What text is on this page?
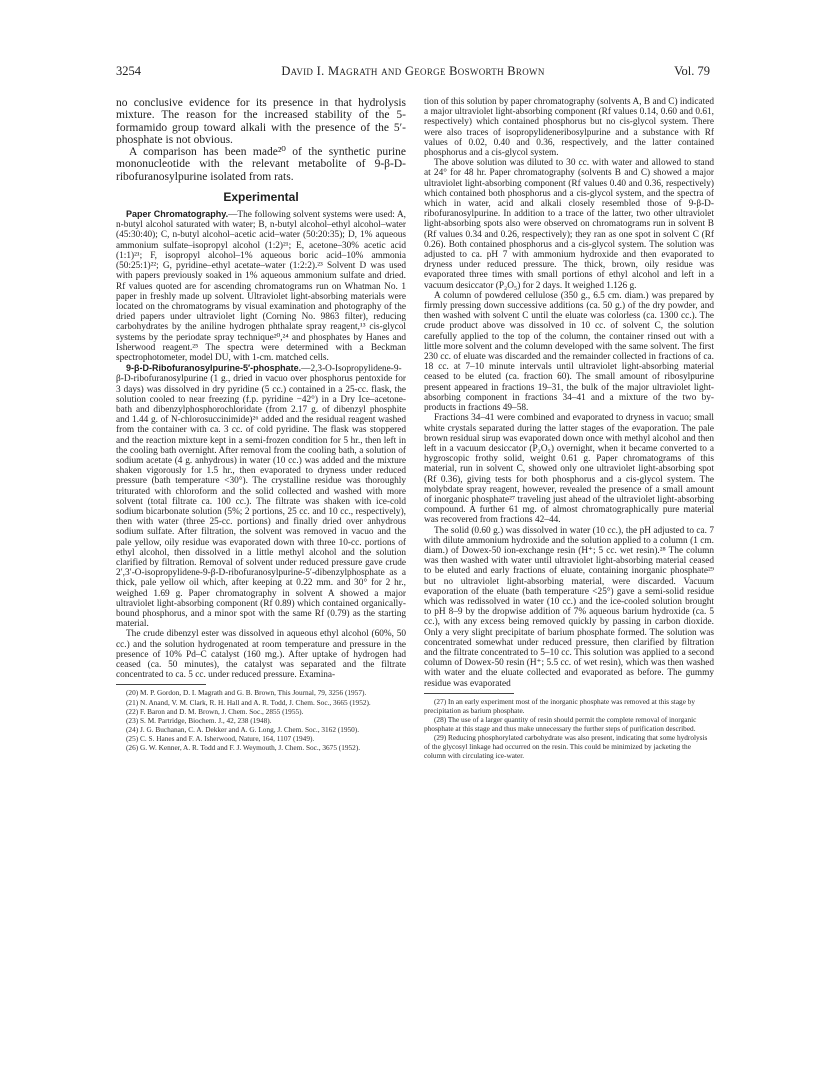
3254	David I. Magrath and George Bosworth Brown	Vol. 79

no conclusive evidence for its presence in that hydrolysis mixture. The reason for the increased stability of the 5-formamido group toward alkali with the presence of the 5′-phosphate is not obvious.

A comparison has been made²⁰ of the synthetic purine mononucleotide with the relevant metabolite of 9-β-D-ribofuranosylpurine isolated from rats.

Experimental

Paper Chromatography.—The following solvent systems were used: A, n-butyl alcohol saturated with water; B, n-butyl alcohol–ethyl alcohol–water (45:30:40); C, n-butyl alcohol–acetic acid–water (50:20:35); D, 1% aqueous ammonium sulfate–isopropyl alcohol (1:2)²¹; E, acetone–30% acetic acid (1:1)²¹; F, isopropyl alcohol–1% aqueous boric acid–10% ammonia (50:25:1)²²; G, pyridine–ethyl acetate–water (1:2:2).²³ Solvent D was used with papers previously soaked in 1% aqueous ammonium sulfate and dried. Rf values quoted are for ascending chromatograms run on Whatman No. 1 paper in freshly made up solvent. Ultraviolet light-absorbing materials were located on the chromatograms by visual examination and photography of the dried papers under ultraviolet light (Corning No. 9863 filter), reducing carbohydrates by the aniline hydrogen phthalate spray reagent,¹³ cis-glycol systems by the periodate spray technique²⁰,²⁴ and phosphates by Hanes and Isherwood reagent.²⁵ The spectra were determined with a Beckman spectrophotometer, model DU, with 1-cm. matched cells.

9-β-D-Ribofuranosylpurine-5′-phosphate.—2,3-O-Isopropylidene-9-β-D-ribofuranosylpurine (1 g., dried in vacuo over phosphorus pentoxide for 3 days) was dissolved in dry pyridine (5 cc.) contained in a 25-cc. flask, the solution cooled to near freezing (f.p. pyridine −42°) in a Dry Ice–acetone-bath and dibenzylphosphorochloridate (from 2.17 g. of dibenzyl phosphite and 1.44 g. of N-chlorosuccinimide)²⁶ added and the residual reagent washed from the container with ca. 3 cc. of cold pyridine. The flask was stoppered and the reaction mixture kept in a semi-frozen condition for 5 hr., then left in the cooling bath overnight. After removal from the cooling bath, a solution of sodium acetate (4 g. anhydrous) in water (10 cc.) was added and the mixture shaken vigorously for 1.5 hr., then evaporated to dryness under reduced pressure (bath temperature <30°). The crystalline residue was thoroughly triturated with chloroform and the solid collected and washed with more solvent (total filtrate ca. 100 cc.). The filtrate was shaken with ice-cold sodium bicarbonate solution (5%; 2 portions, 25 cc. and 10 cc., respectively), then with water (three 25-cc. portions) and finally dried over anhydrous sodium sulfate. After filtration, the solvent was removed in vacuo and the pale yellow, oily residue was evaporated down with three 10-cc. portions of ethyl alcohol, then dissolved in a little methyl alcohol and the solution clarified by filtration. Removal of solvent under reduced pressure gave crude 2′,3′-O-isopropylidene-9-β-D-ribofuranosylpurine-5′-dibenzylphosphate as a thick, pale yellow oil which, after keeping at 0.22 mm. and 30° for 2 hr., weighed 1.69 g. Paper chromatography in solvent A showed a major ultraviolet light-absorbing component (Rf 0.89) which contained organically-bound phosphorus, and a minor spot with the same Rf (0.79) as the starting material.

The crude dibenzyl ester was dissolved in aqueous ethyl alcohol (60%, 50 cc.) and the solution hydrogenated at room temperature and pressure in the presence of 10% Pd–C catalyst (160 mg.). After uptake of hydrogen had ceased (ca. 50 minutes), the catalyst was separated and the filtrate concentrated to ca. 5 cc. under reduced pressure. Examina-

(20) M. P. Gordon, D. I. Magrath and G. B. Brown, This Journal, 79, 3256 (1957).

(21) N. Anand, V. M. Clark, R. H. Hall and A. R. Todd, J. Chem. Soc., 3665 (1952).

(22) F. Baron and D. M. Brown, J. Chem. Soc., 2855 (1955).

(23) S. M. Partridge, Biochem. J., 42, 238 (1948).

(24) J. G. Buchanan, C. A. Dekker and A. G. Long, J. Chem. Soc., 3162 (1950).

(25) C. S. Hanes and F. A. Isherwood, Nature, 164, 1107 (1949).

(26) G. W. Kenner, A. R. Todd and F. J. Weymouth, J. Chem. Soc., 3675 (1952).

tion of this solution by paper chromatography (solvents A, B and C) indicated a major ultraviolet light-absorbing component (Rf values 0.14, 0.60 and 0.61, respectively) which contained phosphorus but no cis-glycol system. There were also traces of isopropylideneribosylpurine and a substance with Rf values of 0.02, 0.40 and 0.36, respectively, and the latter contained phosphorus and a cis-glycol system.

The above solution was diluted to 30 cc. with water and allowed to stand at 24° for 48 hr. Paper chromatography (solvents B and C) showed a major ultraviolet light-absorbing component (Rf values 0.40 and 0.36, respectively) which contained both phosphorus and a cis-glycol system, and the spectra of which in water, acid and alkali closely resembled those of 9-β-D-ribofuranosylpurine. In addition to a trace of the latter, two other ultraviolet light-absorbing spots also were observed on chromatograms run in solvent B (Rf values 0.34 and 0.26, respectively); they ran as one spot in solvent C (Rf 0.26). Both contained phosphorus and a cis-glycol system. The solution was adjusted to ca. pH 7 with ammonium hydroxide and then evaporated to dryness under reduced pressure. The thick, brown, oily residue was evaporated three times with small portions of ethyl alcohol and left in a vacuum desiccator (P₂O₅) for 2 days. It weighed 1.126 g.

A column of powdered cellulose (350 g., 6.5 cm. diam.) was prepared by firmly pressing down successive additions (ca. 50 g.) of the dry powder, and then washed with solvent C until the eluate was colorless (ca. 1300 cc.). The crude product above was dissolved in 10 cc. of solvent C, the solution carefully applied to the top of the column, the container rinsed out with a little more solvent and the column developed with the same solvent. The first 230 cc. of eluate was discarded and the remainder collected in fractions of ca. 18 cc. at 7–10 minute intervals until ultraviolet light-absorbing material ceased to be eluted (ca. fraction 60). The small amount of ribosylpurine present appeared in fractions 19–31, the bulk of the major ultraviolet light-absorbing component in fractions 34–41 and a mixture of the two by-products in fractions 49–58.

Fractions 34–41 were combined and evaporated to dryness in vacuo; small white crystals separated during the latter stages of the evaporation. The pale brown residual sirup was evaporated down once with methyl alcohol and then left in a vacuum desiccator (P₂O₅) overnight, when it became converted to a hygroscopic frothy solid, weight 0.61 g. Paper chromatograms of this material, run in solvent C, showed only one ultraviolet light-absorbing spot (Rf 0.36), giving tests for both phosphorus and a cis-glycol system. The molybdate spray reagent, however, revealed the presence of a small amount of inorganic phosphate²⁷ traveling just ahead of the ultraviolet light-absorbing compound. A further 61 mg. of almost chromatographically pure material was recovered from fractions 42–44.

The solid (0.60 g.) was dissolved in water (10 cc.), the pH adjusted to ca. 7 with dilute ammonium hydroxide and the solution applied to a column (1 cm. diam.) of Dowex-50 ion-exchange resin (H⁺; 5 cc. wet resin).²⁸ The column was then washed with water until ultraviolet light-absorbing material ceased to be eluted and early fractions of eluate, containing inorganic phosphate²⁹ but no ultraviolet light-absorbing material, were discarded. Vacuum evaporation of the eluate (bath temperature <25°) gave a semi-solid residue which was redissolved in water (10 cc.) and the ice-cooled solution brought to pH 8–9 by the dropwise addition of 7% aqueous barium hydroxide (ca. 5 cc.), with any excess being removed quickly by passing in carbon dioxide. Only a very slight precipitate of barium phosphate formed. The solution was concentrated somewhat under reduced pressure, then clarified by filtration and the filtrate concentrated to 5–10 cc. This solution was applied to a second column of Dowex-50 resin (H⁺; 5.5 cc. of wet resin), which was then washed with water and the eluate collected and evaporated as before. The gummy residue was evaporated

(27) In an early experiment most of the inorganic phosphate was removed at this stage by precipitation as barium phosphate.

(28) The use of a larger quantity of resin should permit the complete removal of inorganic phosphate at this stage and thus make unnecessary the further steps of purification described.

(29) Reducing phosphorylated carbohydrate was also present, indicating that some hydrolysis of the glycosyl linkage had occurred on the resin. This could be minimized by jacketing the column with circulating ice-water.
